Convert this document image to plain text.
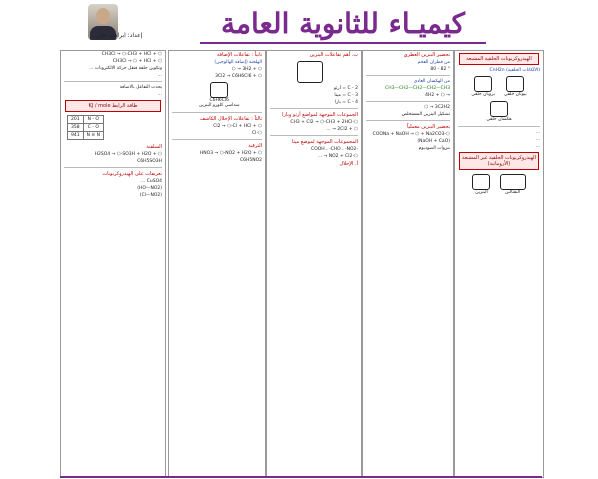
إعداد: ابراهيم علي	كيميـاء للثانوية العامة
⬡ + CH3Cl → ⬡-CH3 + HCl
⬡ + CH3Cl → ⬡ + HCl
وتكوين حلقة فتقل حركة الالكترونات ...
...
يحدث التفاعل بالاضافة
...
طاقة الرابط KJ / mole
201	N - O
358	C - O
941	N ≡ N
السلفنة
⬡ + H2SO4 → ⬡-SO3H + H2O
C6H5SO3H
تعريفات على الهيدروكربونات
CuSO4 ...
(HO—NO2)
(Cl—NO2)
ثانياً : تفاعلات الإضافة
الهلجنة (إضافة الهالوجين)
⬡ + 3H2 → ⬡
⬡ + 3Cl2 → C6H6Cl6
C6H6Cl6
سداسي كلورو البنزين
ثالثاً : تفاعلات الإحلال الكاشف
⬡ + Cl2 → ⬡-Cl + HCl
⬡-Cl
الترقية
⬡ + HNO3 → ⬡-NO2 + H2O
C6H5NO2
ب. أهم تفاعلات البنزين
C - 2 = أرثو
C - 3 = ميتا
C - 4 = بارا
الجموعات الموجهة لمواضع أرثو وبارا
⬡-CH3 + Cl2 → ⬡-CH3 + 2HCl
⬡ + 2Cl2 → ...
المجموعات الموجهة لموضع ميتا
-COOH ، -CHO ، -NO2
⬡-NO2 + Cl2 → ...
أ. الإحلال
تحضير البنزين العطري
من قطران الفحم
° 82 - 80
من الهكسان العادي
CH3—CH2—CH2—CH2—CH3
→ ⬡ + 4H2
3C2H2 → ⬡
تشكيل البنزين المستخلص
تحضير البنزين معملياً
⬡-COONa + NaOH → ⬡ + Na2CO3
(NaOH + CaO)
بنزوات الصوديوم
الهيدروكربونات الحلقية المشبعة
(الألكانات الحلقية) CnH2n
بروبان حلقي
بيوتان حلقي
هكسان حلقي
...
...
...
الهيدروكربونات الحلقية غير المشبعة (الأروماتية)
البنزين
	النفثالين
